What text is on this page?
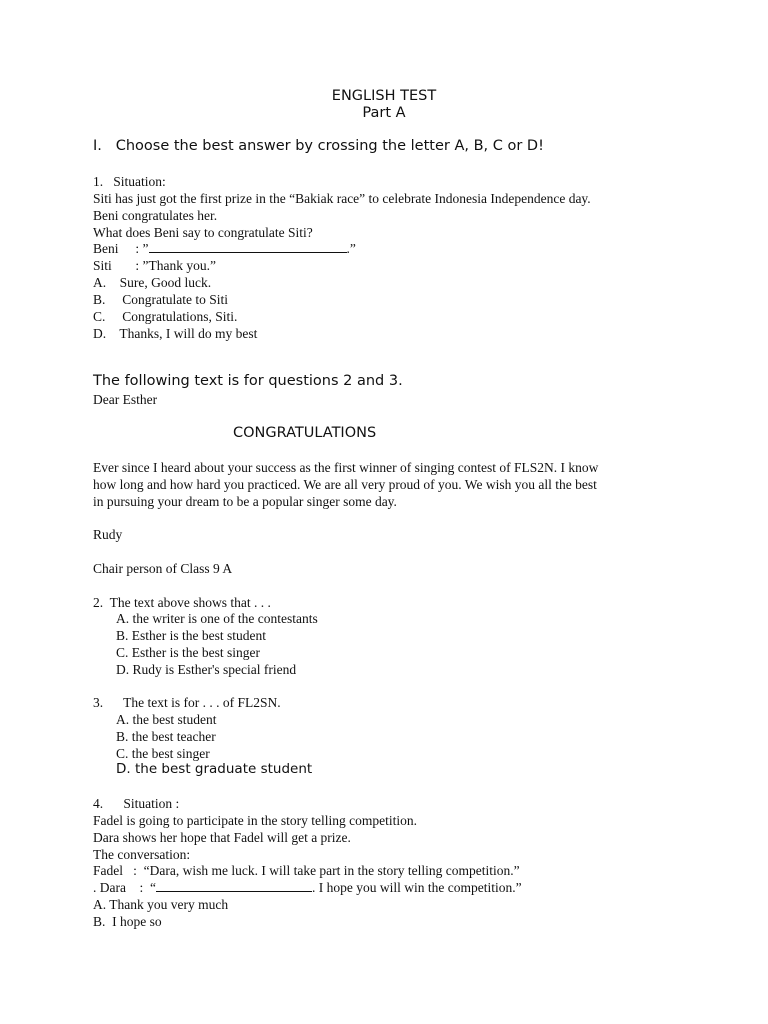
ENGLISH TEST
Part A
I.   Choose the best answer by crossing the letter A, B, C or D!
1.   Situation:
Siti has just got the first prize in the “Bakiak race” to celebrate Indonesia Independence day.
Beni congratulates her.
What does Beni say to congratulate Siti?
Beni     : ”	.”
Siti       : ”Thank you.”
A.    Sure, Good luck.
B.     Congratulate to Siti
C.     Congratulations, Siti.
D.    Thanks, I will do my best
The following text is for questions 2 and 3.
Dear Esther
CONGRATULATIONS
Ever since I heard about your success as the first winner of singing contest of FLS2N. I know
how long and how hard you practiced. We are all very proud of you. We wish you all the best
in pursuing your dream to be a popular singer some day.
Rudy
Chair person of Class 9 A
2.  The text above shows that . . .
A. the writer is one of the contestants
B. Esther is the best student
C. Esther is the best singer
D. Rudy is Esther's special friend
3.      The text is for . . . of FL2SN.
A. the best student
B. the best teacher
C. the best singer
D. the best graduate student
4.      Situation :
Fadel is going to participate in the story telling competition.
Dara shows her hope that Fadel will get a prize.
The conversation:
Fadel   :  “Dara, wish me luck. I will take part in the story telling competition.”
. Dara    :  “	. I hope you will win the competition.”
A. Thank you very much
B.  I hope so
